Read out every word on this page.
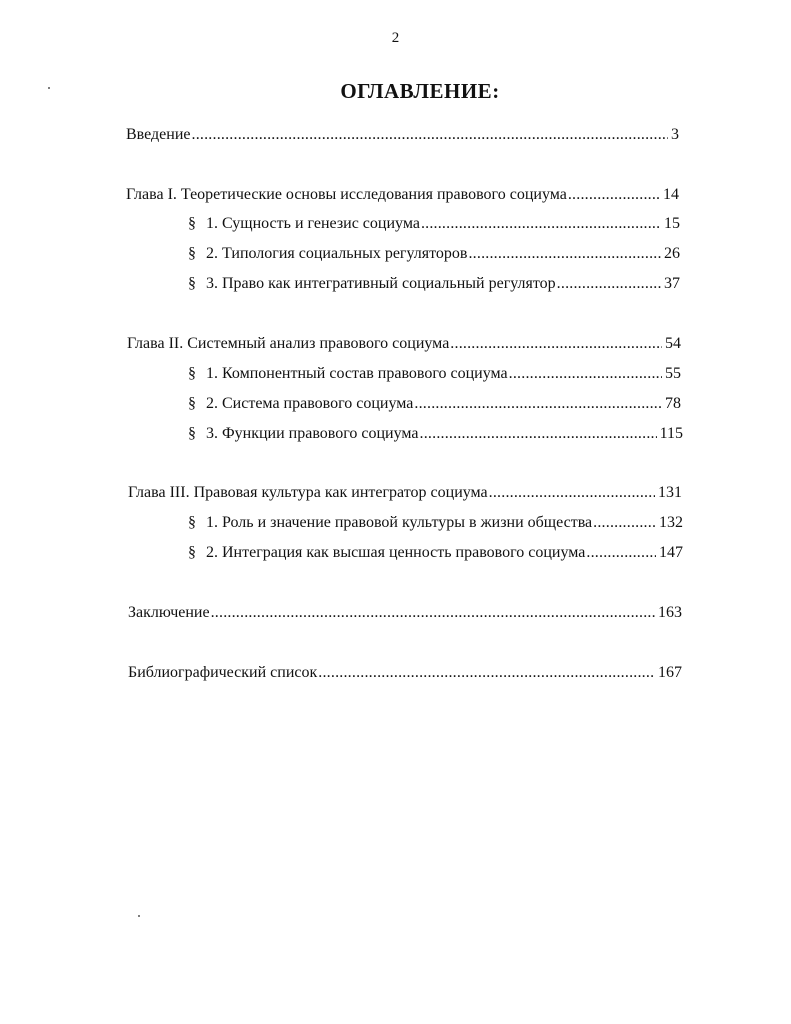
2
ОГЛАВЛЕНИЕ:
Введение .....	3
Глава I. Теоретические основы исследования правового социума .....	14
§ 1. Сущность и генезис социума .....	15
§ 2. Типология социальных регуляторов .....	26
§ 3. Право как интегративный социальный регулятор .....	37
Глава II. Системный анализ правового социума .....	54
§ 1. Компонентный состав правового социума .....	55
§ 2. Система правового социума .....	78
§ 3. Функции правового социума .....	115
Глава III. Правовая культура как интегратор социума .....	131
§ 1. Роль и значение правовой культуры в жизни общества .....	132
§ 2. Интеграция как высшая ценность правового социума .....	147
Заключение .....	163
Библиографический список .....	167
